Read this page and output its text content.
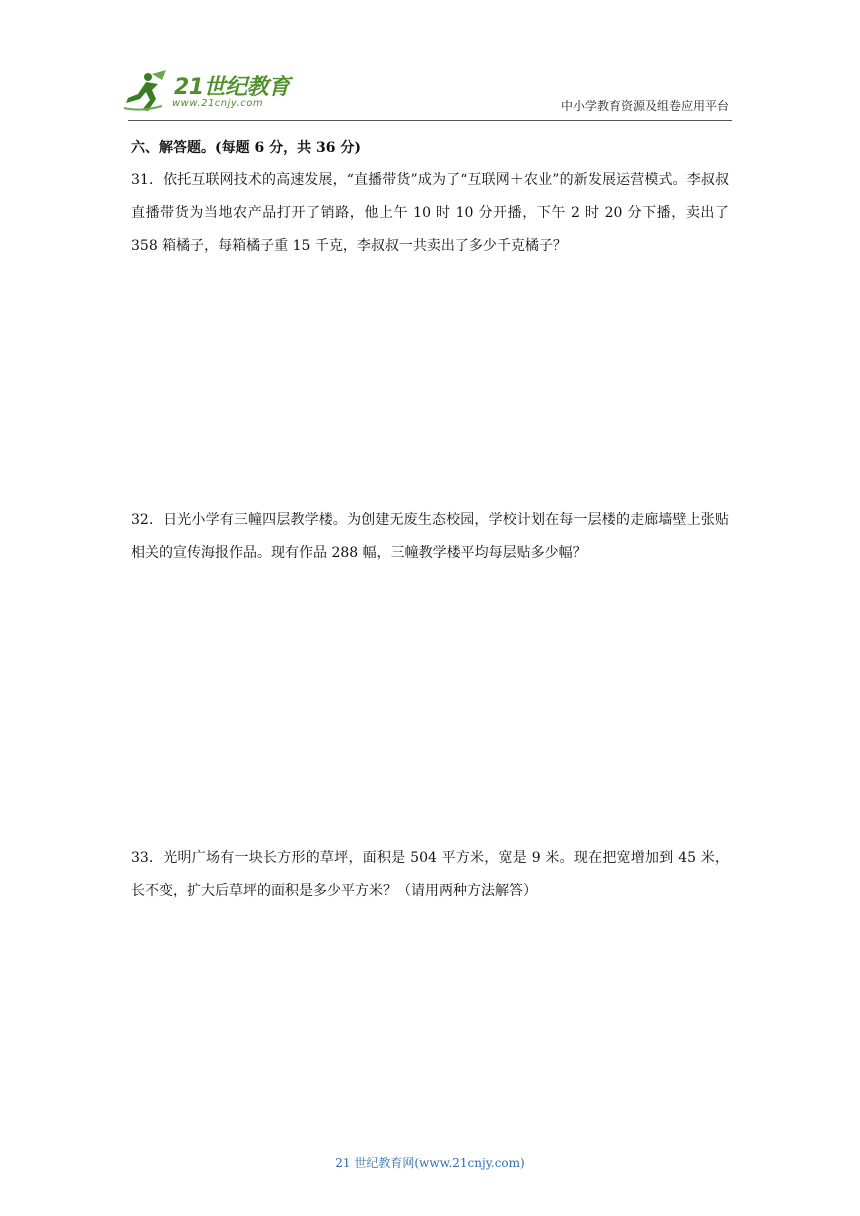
21世纪教育
www.21cnjy.com	中小学教育资源及组卷应用平台
六、解答题。(每题 6 分，共 36 分)
31．依托互联网技术的高速发展，“直播带货”成为了“互联网＋农业”的新发展运营模式。李叔叔直播带货为当地农产品打开了销路，他上午 10 时 10 分开播，下午 2 时 20 分下播，卖出了 358 箱橘子，每箱橘子重 15 千克，李叔叔一共卖出了多少千克橘子？
32．日光小学有三幢四层教学楼。为创建无废生态校园，学校计划在每一层楼的走廊墙壁上张贴相关的宣传海报作品。现有作品 288 幅，三幢教学楼平均每层贴多少幅？
33．光明广场有一块长方形的草坪，面积是 504 平方米，宽是 9 米。现在把宽增加到 45 米，长不变，扩大后草坪的面积是多少平方米？（请用两种方法解答）
21 世纪教育网(www.21cnjy.com)
